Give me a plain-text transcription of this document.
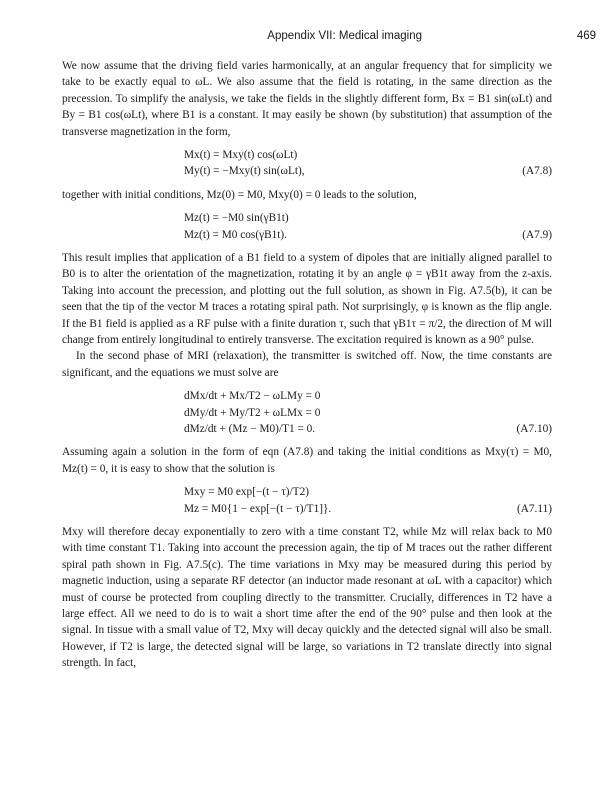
Appendix VII: Medical imaging	469

We now assume that the driving field varies harmonically, at an angular frequency that for simplicity we take to be exactly equal to ωL. We also assume that the field is rotating, in the same direction as the precession. To simplify the analysis, we take the fields in the slightly different form, Bx = B1 sin(ωLt) and By = B1 cos(ωLt), where B1 is a constant. It may easily be shown (by substitution) that assumption of the transverse magnetization in the form,

Mx(t) = Mxy(t) cos(ωLt)
My(t) = −Mxy(t) sin(ωLt),	(A7.8)

together with initial conditions, Mz(0) = M0, Mxy(0) = 0 leads to the solution,

Mz(t) = −M0 sin(γB1t)
Mz(t) = M0 cos(γB1t).	(A7.9)

This result implies that application of a B1 field to a system of dipoles that are initially aligned parallel to B0 is to alter the orientation of the magnetization, rotating it by an angle φ = γB1t away from the z-axis. Taking into account the precession, and plotting out the full solution, as shown in Fig. A7.5(b), it can be seen that the tip of the vector M traces a rotating spiral path. Not surprisingly, φ is known as the flip angle. If the B1 field is applied as a RF pulse with a finite duration τ, such that γB1τ = π/2, the direction of M will change from entirely longitudinal to entirely transverse. The excitation required is known as a 90° pulse.

In the second phase of MRI (relaxation), the transmitter is switched off. Now, the time constants are significant, and the equations we must solve are

dMx/dt + Mx/T2 − ωLMy = 0
dMy/dt + My/T2 + ωLMx = 0
dMz/dt + (Mz − M0)/T1 = 0.	(A7.10)

Assuming again a solution in the form of eqn (A7.8) and taking the initial conditions as Mxy(τ) = M0, Mz(t) = 0, it is easy to show that the solution is

Mxy = M0 exp[−(t − τ)/T2)
Mz = M0{1 − exp[−(t − τ)/T1]}.	(A7.11)

Mxy will therefore decay exponentially to zero with a time constant T2, while Mz will relax back to M0 with time constant T1. Taking into account the precession again, the tip of M traces out the rather different spiral path shown in Fig. A7.5(c). The time variations in Mxy may be measured during this period by magnetic induction, using a separate RF detector (an inductor made resonant at ωL with a capacitor) which must of course be protected from coupling directly to the transmitter. Crucially, differences in T2 have a large effect. All we need to do is to wait a short time after the end of the 90° pulse and then look at the signal. In tissue with a small value of T2, Mxy will decay quickly and the detected signal will also be small. However, if T2 is large, the detected signal will be large, so variations in T2 translate directly into signal strength. In fact,
